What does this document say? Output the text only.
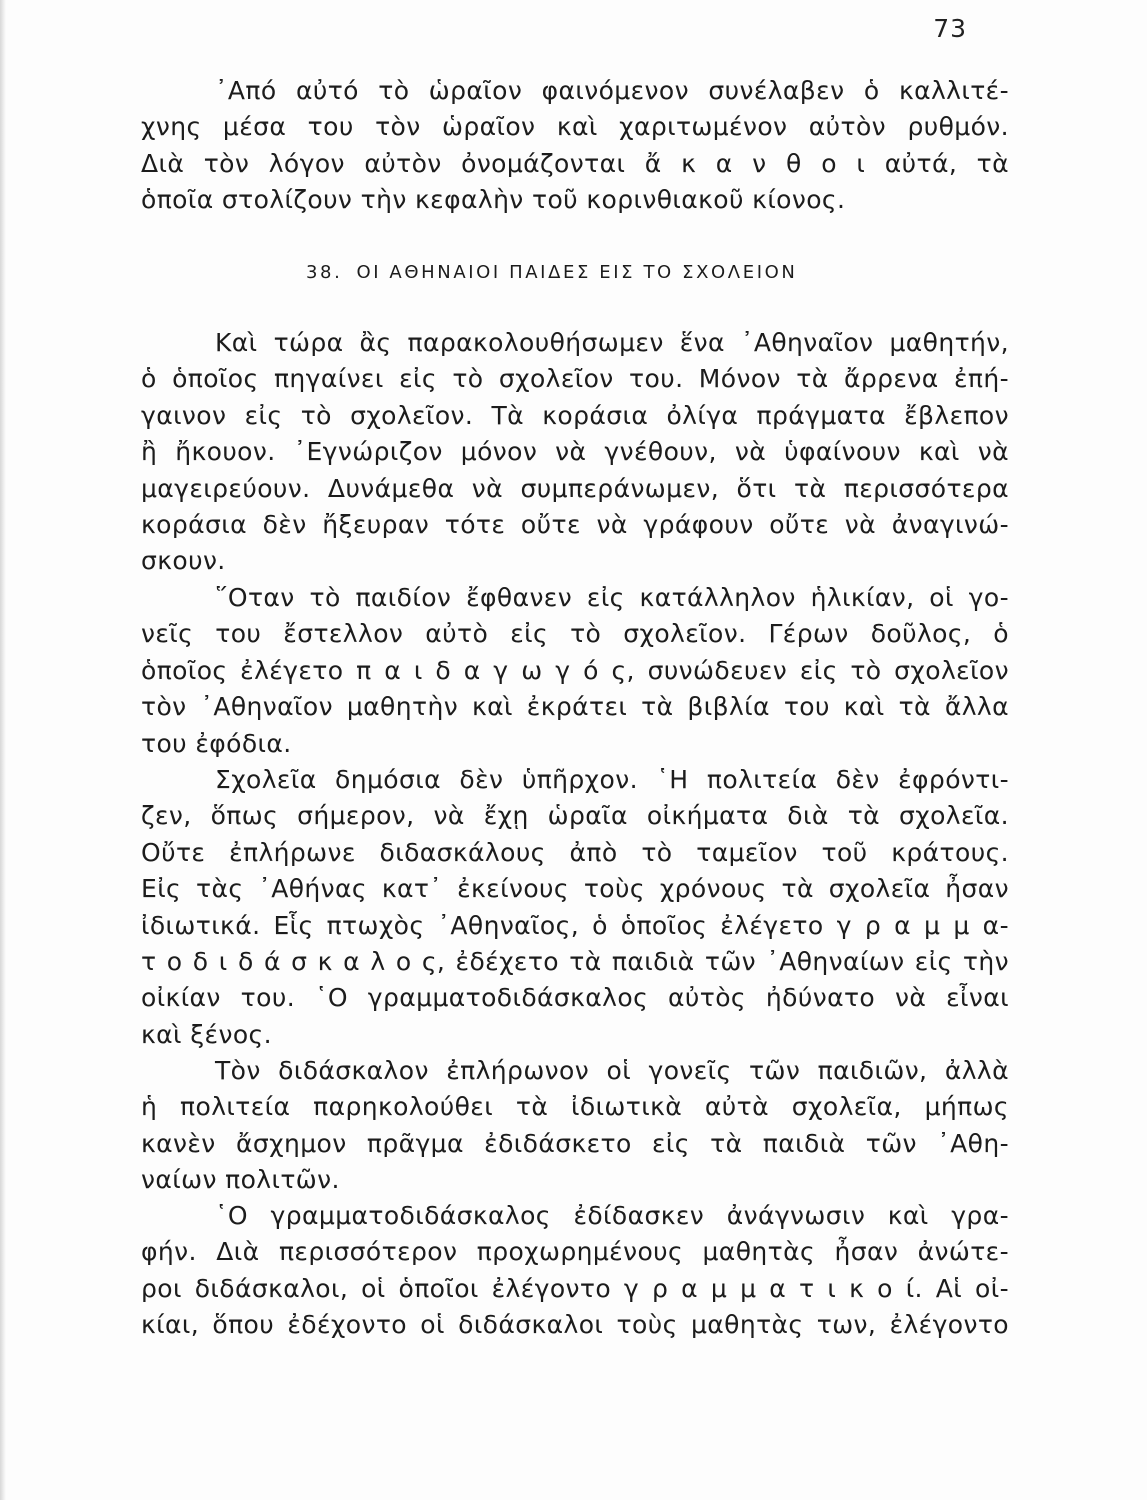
73
᾿Από αὐτό τὸ ὡραῖον φαινόμενον συνέλαβεν ὁ καλλιτέ-
χνης μέσα του τὸν ὡραῖον καὶ χαριτωμένον αὐτὸν ρυθμόν.
Διὰ τὸν λόγον αὐτὸν ὀνομάζονται ἄ κ α ν θ ο ι αὐτά, τὰ
ὁποῖα στολίζουν τὴν κεφαλὴν τοῦ κορινθιακοῦ κίονος.
38. ΟΙ ΑΘΗΝΑΙΟΙ ΠΑΙΔΕΣ ΕΙΣ ΤΟ ΣΧΟΛΕΙΟΝ
Καὶ τώρα ἂς παρακολουθήσωμεν ἕνα ᾿Αθηναῖον μαθητήν,
ὁ ὁποῖος πηγαίνει εἰς τὸ σχολεῖον του. Μόνον τὰ ἄρρενα ἐπή-
γαινον εἰς τὸ σχολεῖον. Τὰ κοράσια ὀλίγα πράγματα ἔβλεπον
ἢ ἤκουον. ᾿Εγνώριζον μόνον νὰ γνέθουν, νὰ ὑφαίνουν καὶ νὰ
μαγειρεύουν. Δυνάμεθα νὰ συμπεράνωμεν, ὅτι τὰ περισσότερα
κοράσια δὲν ἤξευραν τότε οὔτε νὰ γράφουν οὔτε νὰ ἀναγινώ-
σκουν.
῞Οταν τὸ παιδίον ἔφθανεν εἰς κατάλληλον ἡλικίαν, οἱ γο-
νεῖς του ἔστελλον αὐτὸ εἰς τὸ σχολεῖον. Γέρων δοῦλος, ὁ
ὁποῖος ἐλέγετο π α ι δ α γ ω γ ό ς, συνώδευεν εἰς τὸ σχολεῖον
τὸν ᾿Αθηναῖον μαθητὴν καὶ ἐκράτει τὰ βιβλία του καὶ τὰ ἄλλα
του ἐφόδια.
Σχολεῖα δημόσια δὲν ὑπῆρχον. ῾Η πολιτεία δὲν ἐφρόντι-
ζεν, ὅπως σήμερον, νὰ ἔχῃ ὡραῖα οἰκήματα διὰ τὰ σχολεῖα.
Οὔτε ἐπλήρωνε διδασκάλους ἀπὸ τὸ ταμεῖον τοῦ κράτους.
Εἰς τὰς ᾿Αθήνας κατ᾿ ἐκείνους τοὺς χρόνους τὰ σχολεῖα ἦσαν
ἰδιωτικά. Εἷς πτωχὸς ᾿Αθηναῖος, ὁ ὁποῖος ἐλέγετο γ ρ α μ μ α-
τ ο δ ι δ ά σ κ α λ ο ς, ἐδέχετο τὰ παιδιὰ τῶν ᾿Αθηναίων εἰς τὴν
οἰκίαν του. ῾Ο γραμματοδιδάσκαλος αὐτὸς ἠδύνατο νὰ εἶναι
καὶ ξένος.
Τὸν διδάσκαλον ἐπλήρωνον οἱ γονεῖς τῶν παιδιῶν, ἀλλὰ
ἡ πολιτεία παρηκολούθει τὰ ἰδιωτικὰ αὐτὰ σχολεῖα, μήπως
κανὲν ἄσχημον πρᾶγμα ἐδιδάσκετο εἰς τὰ παιδιὰ τῶν ᾿Αθη-
ναίων πολιτῶν.
῾Ο γραμματοδιδάσκαλος ἐδίδασκεν ἀνάγνωσιν καὶ γρα-
φήν. Διὰ περισσότερον προχωρημένους μαθητὰς ἦσαν ἀνώτε-
ροι διδάσκαλοι, οἱ ὁποῖοι ἐλέγοντο γ ρ α μ μ α τ ι κ ο ί. Αἱ οἰ-
κίαι, ὅπου ἐδέχοντο οἱ διδάσκαλοι τοὺς μαθητὰς των, ἐλέγοντο
